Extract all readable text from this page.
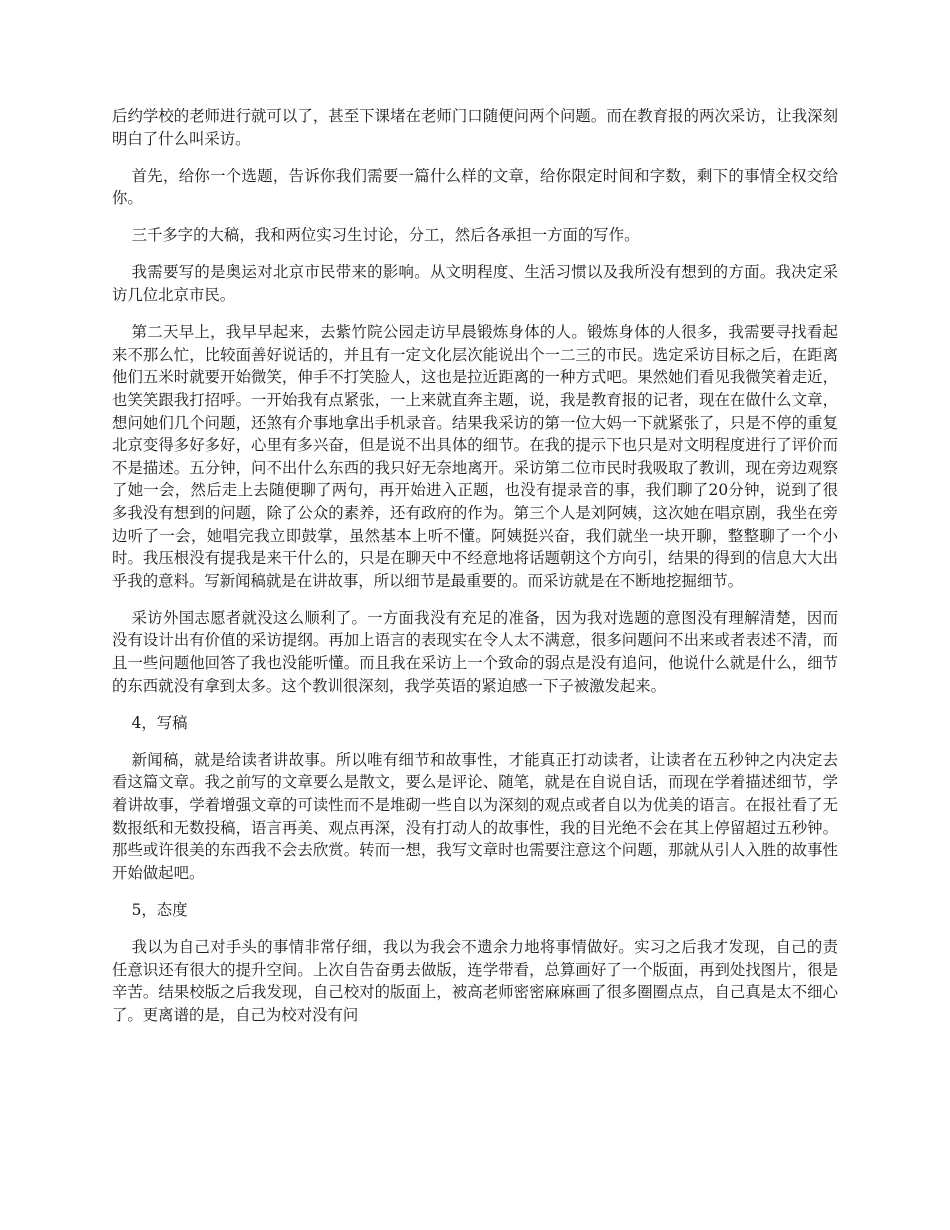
后约学校的老师进行就可以了，甚至下课堵在老师门口随便问两个问题。而在教育报的两次采访，让我深刻明白了什么叫采访。

首先，给你一个选题，告诉你我们需要一篇什么样的文章，给你限定时间和字数，剩下的事情全权交给你。

三千多字的大稿，我和两位实习生讨论，分工，然后各承担一方面的写作。

我需要写的是奥运对北京市民带来的影响。从文明程度、生活习惯以及我所没有想到的方面。我决定采访几位北京市民。

第二天早上，我早早起来，去紫竹院公园走访早晨锻炼身体的人。锻炼身体的人很多，我需要寻找看起来不那么忙，比较面善好说话的，并且有一定文化层次能说出个一二三的市民。选定采访目标之后，在距离他们五米时就要开始微笑，伸手不打笑脸人，这也是拉近距离的一种方式吧。果然她们看见我微笑着走近，也笑笑跟我打招呼。一开始我有点紧张，一上来就直奔主题，说，我是教育报的记者，现在在做什么文章，想问她们几个问题，还煞有介事地拿出手机录音。结果我采访的第一位大妈一下就紧张了，只是不停的重复北京变得多好多好，心里有多兴奋，但是说不出具体的细节。在我的提示下也只是对文明程度进行了评价而不是描述。五分钟，问不出什么东西的我只好无奈地离开。采访第二位市民时我吸取了教训，现在旁边观察了她一会，然后走上去随便聊了两句，再开始进入正题，也没有提录音的事，我们聊了20分钟，说到了很多我没有想到的问题，除了公众的素养，还有政府的作为。第三个人是刘阿姨，这次她在唱京剧，我坐在旁边听了一会，她唱完我立即鼓掌，虽然基本上听不懂。阿姨挺兴奋，我们就坐一块开聊，整整聊了一个小时。我压根没有提我是来干什么的，只是在聊天中不经意地将话题朝这个方向引，结果的得到的信息大大出乎我的意料。写新闻稿就是在讲故事，所以细节是最重要的。而采访就是在不断地挖掘细节。

采访外国志愿者就没这么顺利了。一方面我没有充足的准备，因为我对选题的意图没有理解清楚，因而没有设计出有价值的采访提纲。再加上语言的表现实在令人太不满意，很多问题问不出来或者表述不清，而且一些问题他回答了我也没能听懂。而且我在采访上一个致命的弱点是没有追问，他说什么就是什么，细节的东西就没有拿到太多。这个教训很深刻，我学英语的紧迫感一下子被激发起来。

4，写稿

新闻稿，就是给读者讲故事。所以唯有细节和故事性，才能真正打动读者，让读者在五秒钟之内决定去看这篇文章。我之前写的文章要么是散文，要么是评论、随笔，就是在自说自话，而现在学着描述细节，学着讲故事，学着增强文章的可读性而不是堆砌一些自以为深刻的观点或者自以为优美的语言。在报社看了无数报纸和无数投稿，语言再美、观点再深，没有打动人的故事性，我的目光绝不会在其上停留超过五秒钟。那些或许很美的东西我不会去欣赏。转而一想，我写文章时也需要注意这个问题，那就从引人入胜的故事性开始做起吧。

5，态度

我以为自己对手头的事情非常仔细，我以为我会不遗余力地将事情做好。实习之后我才发现，自己的责任意识还有很大的提升空间。上次自告奋勇去做版，连学带看，总算画好了一个版面，再到处找图片，很是辛苦。结果校版之后我发现，自己校对的版面上，被高老师密密麻麻画了很多圈圈点点，自己真是太不细心了。更离谱的是，自己为校对没有问
